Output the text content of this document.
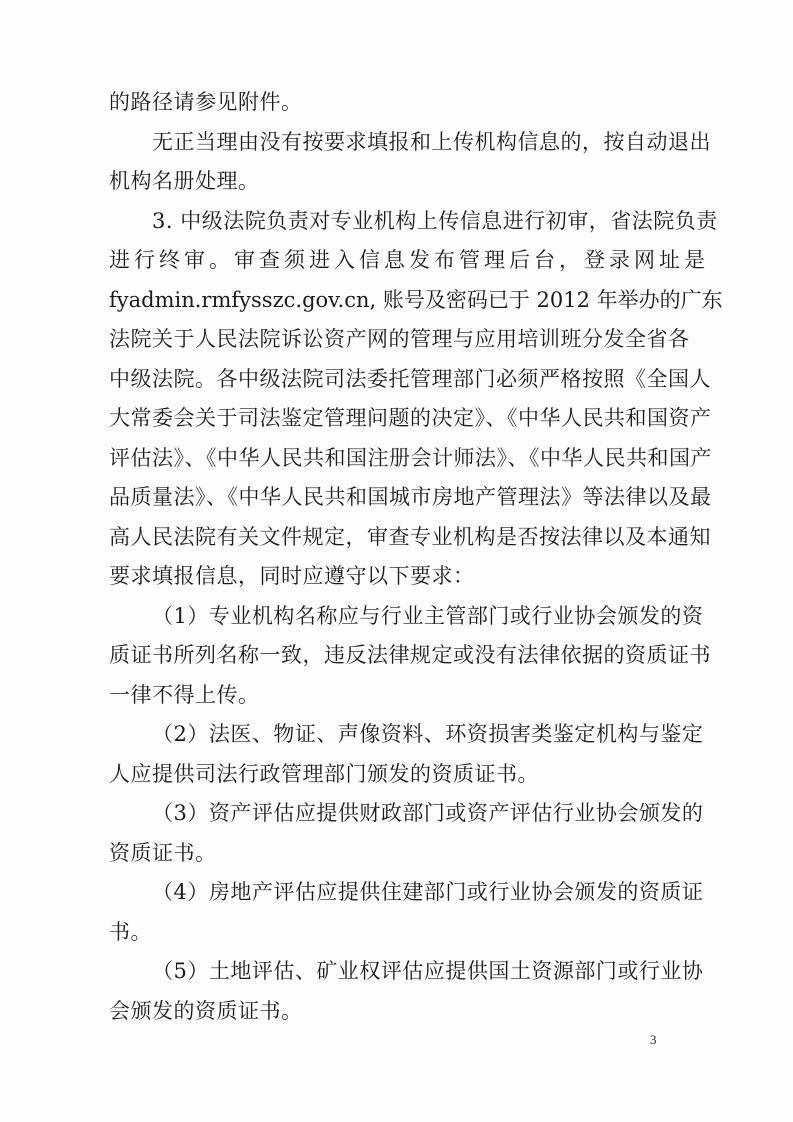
的路径请参见附件。
无正当理由没有按要求填报和上传机构信息的，按自动退出
机构名册处理。
3. 中级法院负责对专业机构上传信息进行初审，省法院负责
进行终审。审查须进入信息发布管理后台，登录网址是
fyadmin.rmfysszc.gov.cn, 账号及密码已于 2012 年举办的广东
法院关于人民法院诉讼资产网的管理与应用培训班分发全省各
中级法院。各中级法院司法委托管理部门必须严格按照《全国人
大常委会关于司法鉴定管理问题的决定》、《中华人民共和国资产
评估法》、《中华人民共和国注册会计师法》、《中华人民共和国产
品质量法》、《中华人民共和国城市房地产管理法》等法律以及最
高人民法院有关文件规定，审查专业机构是否按法律以及本通知
要求填报信息，同时应遵守以下要求：
（1）专业机构名称应与行业主管部门或行业协会颁发的资
质证书所列名称一致，违反法律规定或没有法律依据的资质证书
一律不得上传。
（2）法医、物证、声像资料、环资损害类鉴定机构与鉴定
人应提供司法行政管理部门颁发的资质证书。
（3）资产评估应提供财政部门或资产评估行业协会颁发的
资质证书。
（4）房地产评估应提供住建部门或行业协会颁发的资质证
书。
3
（5）土地评估、矿业权评估应提供国土资源部门或行业协
会颁发的资质证书。
